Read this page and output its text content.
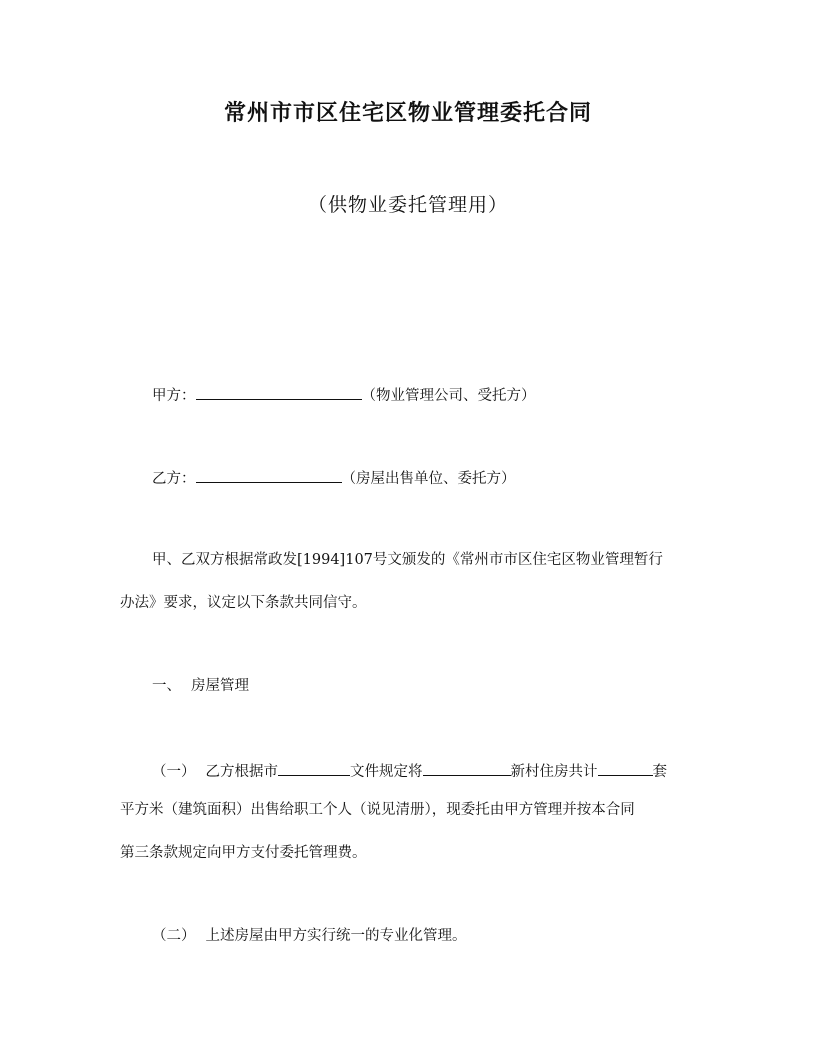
常州市市区住宅区物业管理委托合同
（供物业委托管理用）
甲方：	（物业管理公司、受托方）
乙方：	（房屋出售单位、委托方）
甲、乙双方根据常政发[1994]107号文颁发的《常州市市区住宅区物业管理暂行
办法》要求，议定以下条款共同信守。
一、 房屋管理
（一） 乙方根据市	文件规定将	新村住房共计	套
平方米（建筑面积）出售给职工个人（说见清册），现委托由甲方管理并按本合同
第三条款规定向甲方支付委托管理费。
（二） 上述房屋由甲方实行统一的专业化管理。
